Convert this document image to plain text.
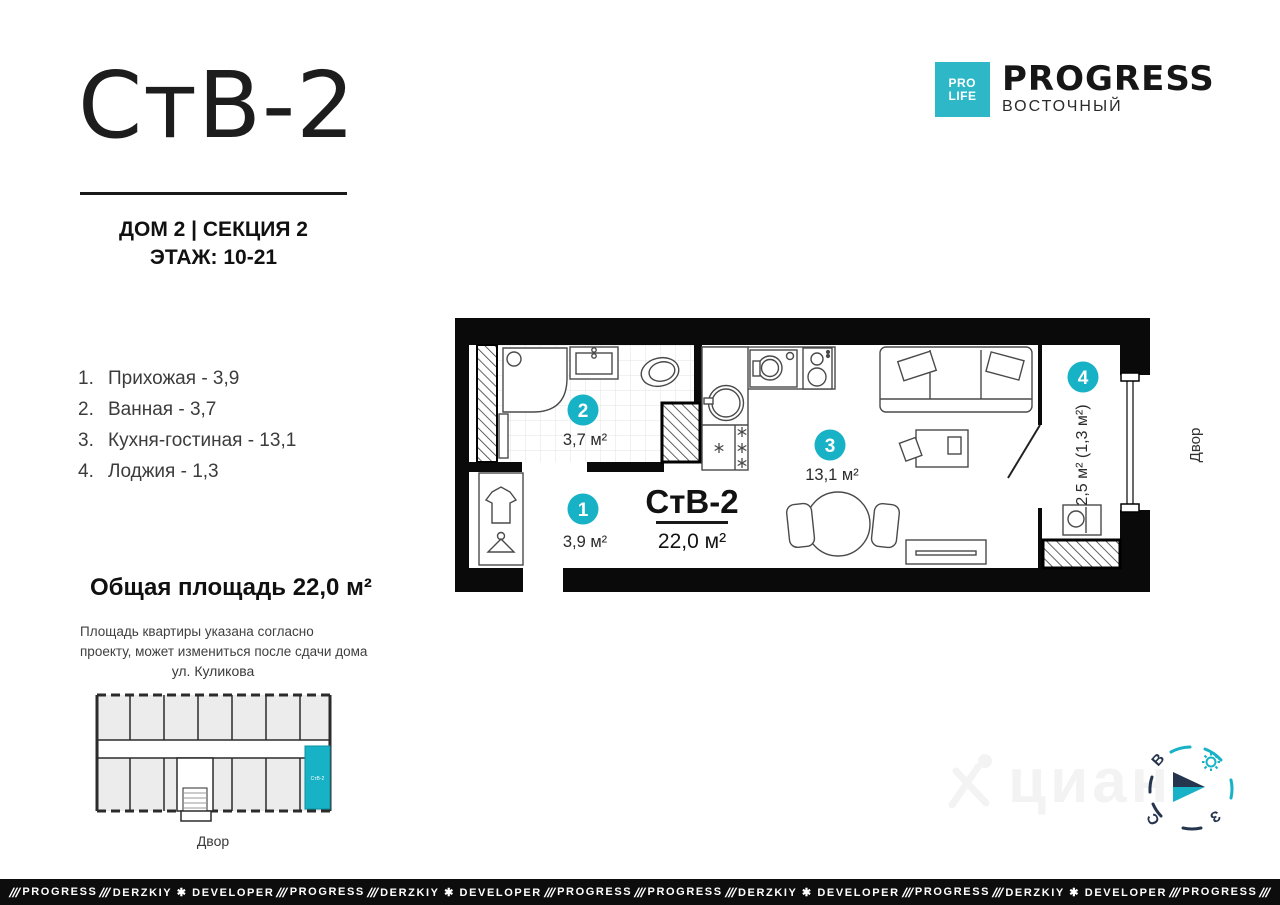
СтВ-2
ДОМ 2 | СЕКЦИЯ 2
ЭТАЖ: 10-21
PRO
LIFE PROGRESS
ВОСТОЧНЫЙ
1. Прихожая - 3,9
2. Ванная - 3,7
3. Кухня-гостиная - 13,1
4. Лоджия - 1,3
Общая площадь 22,0 м²
Площадь квартиры указана согласно
проекту, может измениться после сдачи дома
ул. Куликова
СтВ-2
Двор
СтВ-2
22,0 м²
1
3,9 м²
2
3,7 м²	3
13,1 м²
4
2,5 м² (1,3 м²)	Двор
В
С	З
/// PROGRESS /// DERZKIY ✱ DEVELOPER /// PROGRESS /// DERZKIY ✱ DEVELOPER /// PROGRESS /// PROGRESS /// DERZKIY ✱ DEVELOPER /// PROGRESS /// DERZKIY ✱ DEVELOPER /// PROGRESS ///
